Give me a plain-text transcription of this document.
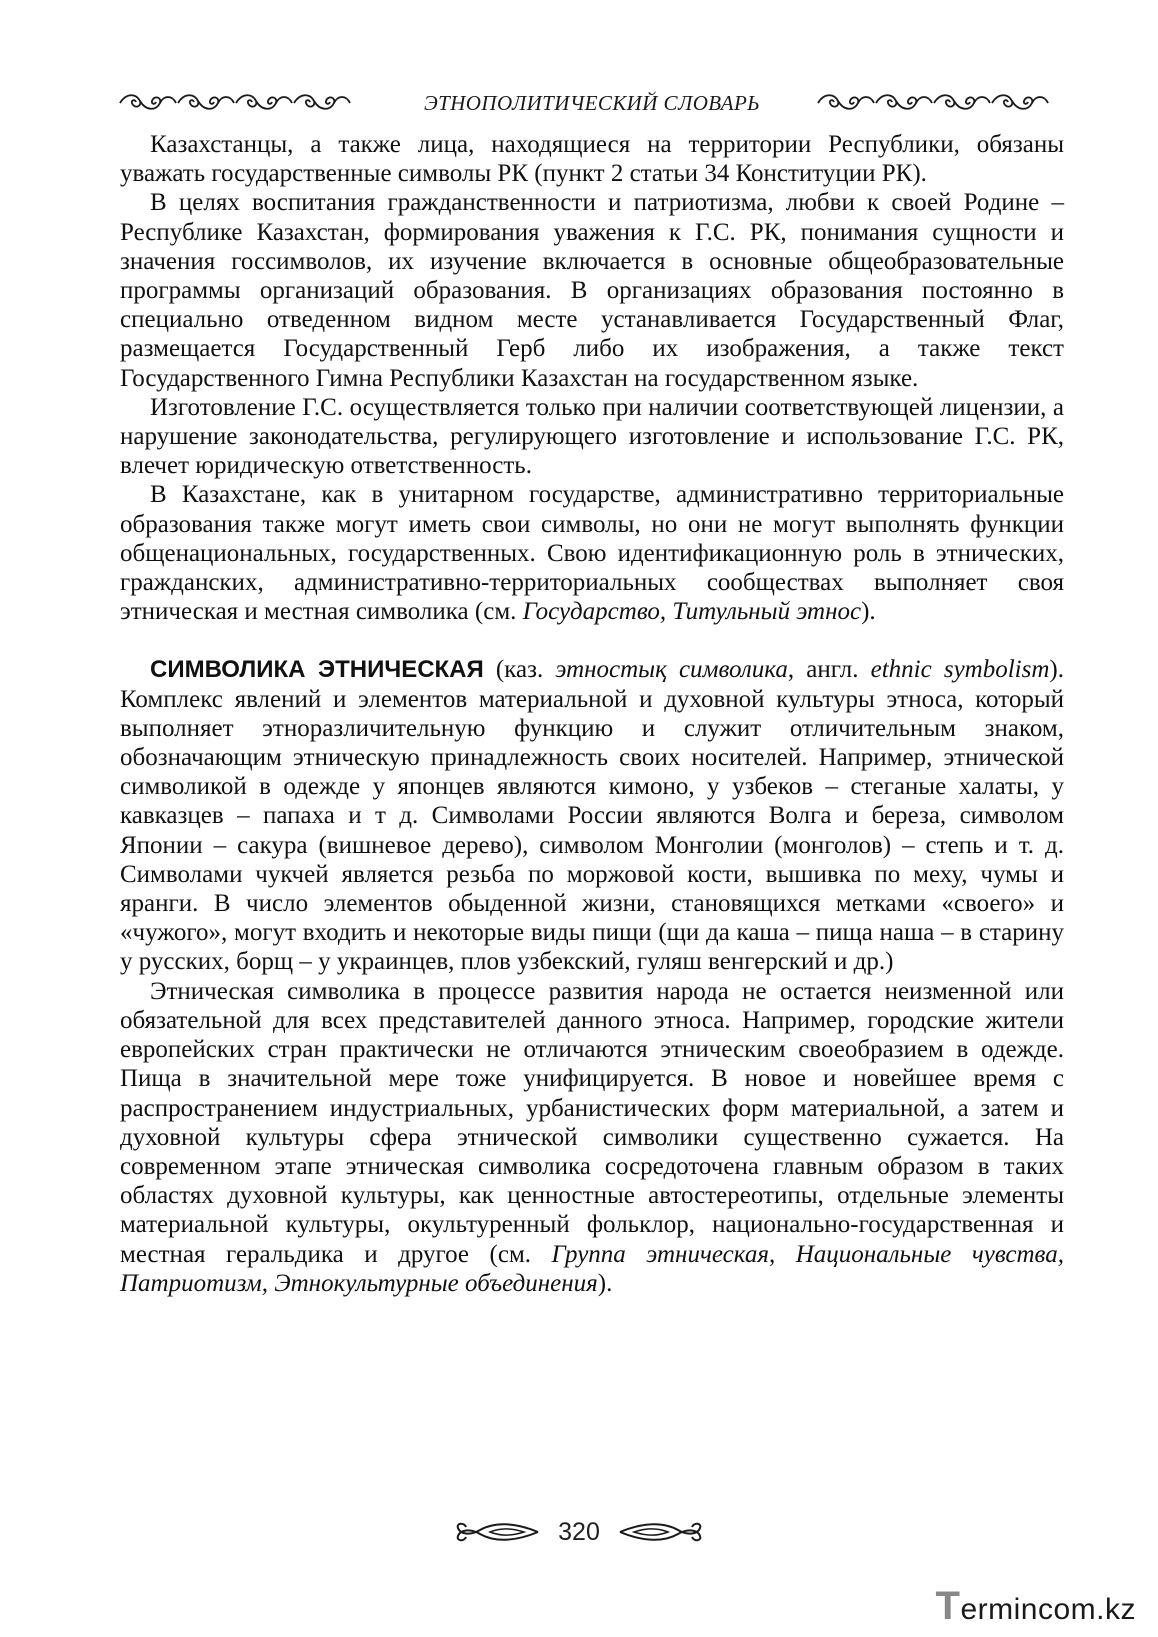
ЭТНОПОЛИТИЧЕСКИЙ СЛОВАРЬ

Казахстанцы, а также лица, находящиеся на территории Республики, обязаны уважать государственные символы РК (пункт 2 статьи 34 Конституции РК).

В целях воспитания гражданственности и патриотизма, любви к своей Родине – Республике Казахстан, формирования уважения к Г.С. РК, понимания сущности и значения госсимволов, их изучение включается в основные общеобразовательные программы организаций образования. В организациях образования постоянно в специально отведенном видном месте устанавливается Государственный Флаг, размещается Государственный Герб либо их изображения, а также текст Государственного Гимна Республики Казахстан на государственном языке.

Изготовление Г.С. осуществляется только при наличии соответствующей лицензии, а нарушение законодательства, регулирующего изготовление и использование Г.С. РК, влечет юридическую ответственность.

В Казахстане, как в унитарном государстве, административно территориальные образования также могут иметь свои символы, но они не могут выполнять функции общенациональных, государственных. Свою идентификационную роль в этнических, гражданских, административно-территориальных сообществах выполняет своя этническая и местная символика (см. Государство, Титульный этнос).

СИМВОЛИКА ЭТНИЧЕСКАЯ (каз. этностық символика, англ. ethnic symbolism). Комплекс явлений и элементов материальной и духовной культуры этноса, который выполняет этноразличительную функцию и служит отличительным знаком, обозначающим этническую принадлежность своих носителей. Например, этнической символикой в одежде у японцев являются кимоно, у узбеков – стеганые халаты, у кавказцев – папаха и т д. Символами России являются Волга и береза, символом Японии – сакура (вишневое дерево), символом Монголии (монголов) – степь и т. д. Символами чукчей является резьба по моржовой кости, вышивка по меху, чумы и яранги. В число элементов обыденной жизни, становящихся метками «своего» и «чужого», могут входить и некоторые виды пищи (щи да каша – пища наша – в старину у русских, борщ – у украинцев, плов узбекский, гуляш венгерский и др.)

Этническая символика в процессе развития народа не остается неизменной или обязательной для всех представителей данного этноса. Например, городские жители европейских стран практически не отличаются этническим своеобразием в одежде. Пища в значительной мере тоже унифицируется. В новое и новейшее время с распространением индустриальных, урбанистических форм материальной, а затем и духовной культуры сфера этнической символики существенно сужается. На современном этапе этническая символика сосредоточена главным образом в таких областях духовной культуры, как ценностные автостереотипы, отдельные элементы материальной культуры, окультуренный фольклор, национально-государственная и местная геральдика и другое (см. Группа этническая, Национальные чувства, Патриотизм, Этнокультурные объединения).

320
Termincom.kz
